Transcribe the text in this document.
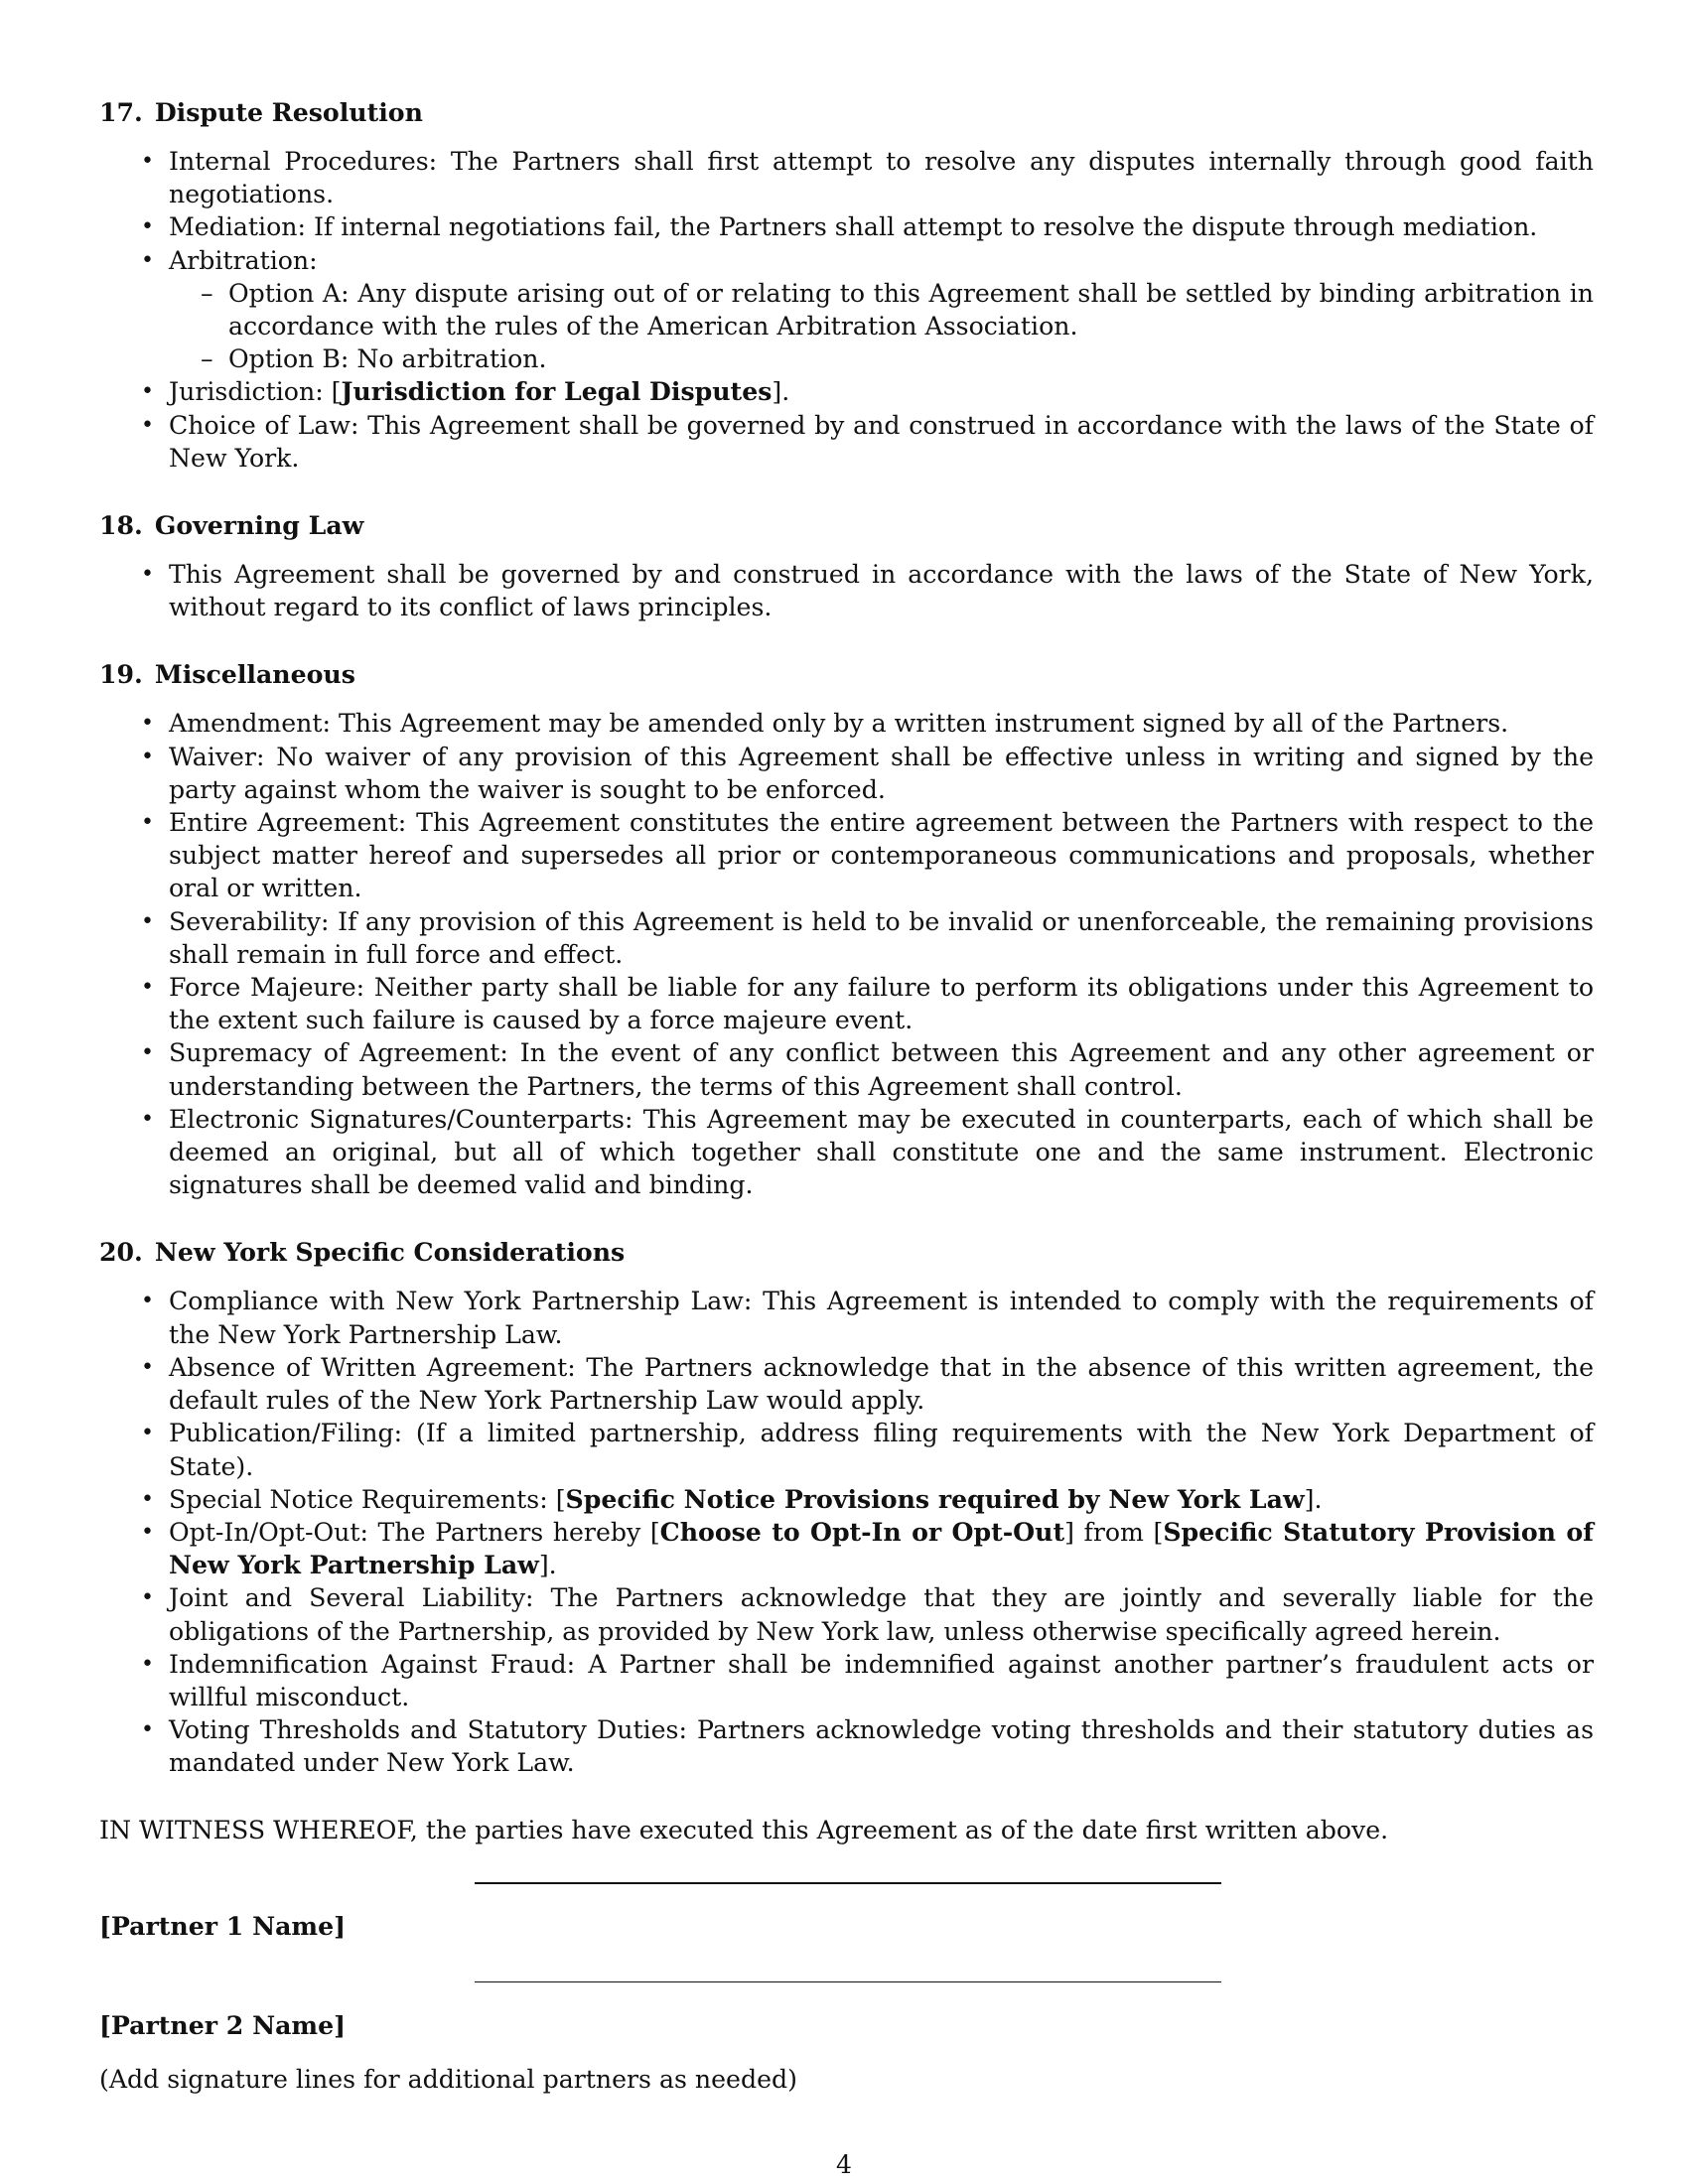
17. Dispute Resolution
• Internal Procedures: The Partners shall first attempt to resolve any disputes internally through good faith negotiations.
• Mediation: If internal negotiations fail, the Partners shall attempt to resolve the dispute through mediation.
• Arbitration:
– Option A: Any dispute arising out of or relating to this Agreement shall be settled by binding arbitration in accordance with the rules of the American Arbitration Association.
– Option B: No arbitration.
• Jurisdiction: [Jurisdiction for Legal Disputes].
• Choice of Law: This Agreement shall be governed by and construed in accordance with the laws of the State of New York.
18. Governing Law
• This Agreement shall be governed by and construed in accordance with the laws of the State of New York, without regard to its conflict of laws principles.
19. Miscellaneous
• Amendment: This Agreement may be amended only by a written instrument signed by all of the Partners.
• Waiver: No waiver of any provision of this Agreement shall be effective unless in writing and signed by the party against whom the waiver is sought to be enforced.
• Entire Agreement: This Agreement constitutes the entire agreement between the Partners with respect to the subject matter hereof and supersedes all prior or contemporaneous communications and proposals, whether oral or written.
• Severability: If any provision of this Agreement is held to be invalid or unenforceable, the remaining provisions shall remain in full force and effect.
• Force Majeure: Neither party shall be liable for any failure to perform its obligations under this Agreement to the extent such failure is caused by a force majeure event.
• Supremacy of Agreement: In the event of any conflict between this Agreement and any other agreement or understanding between the Partners, the terms of this Agreement shall control.
• Electronic Signatures/Counterparts: This Agreement may be executed in counterparts, each of which shall be deemed an original, but all of which together shall constitute one and the same instrument. Electronic signatures shall be deemed valid and binding.
20. New York Specific Considerations
• Compliance with New York Partnership Law: This Agreement is intended to comply with the requirements of the New York Partnership Law.
• Absence of Written Agreement: The Partners acknowledge that in the absence of this written agreement, the default rules of the New York Partnership Law would apply.
• Publication/Filing: (If a limited partnership, address filing requirements with the New York Department of State).
• Special Notice Requirements: [Specific Notice Provisions required by New York Law].
• Opt-In/Opt-Out: The Partners hereby [Choose to Opt-In or Opt-Out] from [Specific Statutory Provision of New York Partnership Law].
• Joint and Several Liability: The Partners acknowledge that they are jointly and severally liable for the obligations of the Partnership, as provided by New York law, unless otherwise specifically agreed herein.
• Indemnification Against Fraud: A Partner shall be indemnified against another partner’s fraudulent acts or willful misconduct.
• Voting Thresholds and Statutory Duties: Partners acknowledge voting thresholds and their statutory duties as mandated under New York Law.
IN WITNESS WHEREOF, the parties have executed this Agreement as of the date first written above.
[Partner 1 Name]
[Partner 2 Name]
(Add signature lines for additional partners as needed)
4
